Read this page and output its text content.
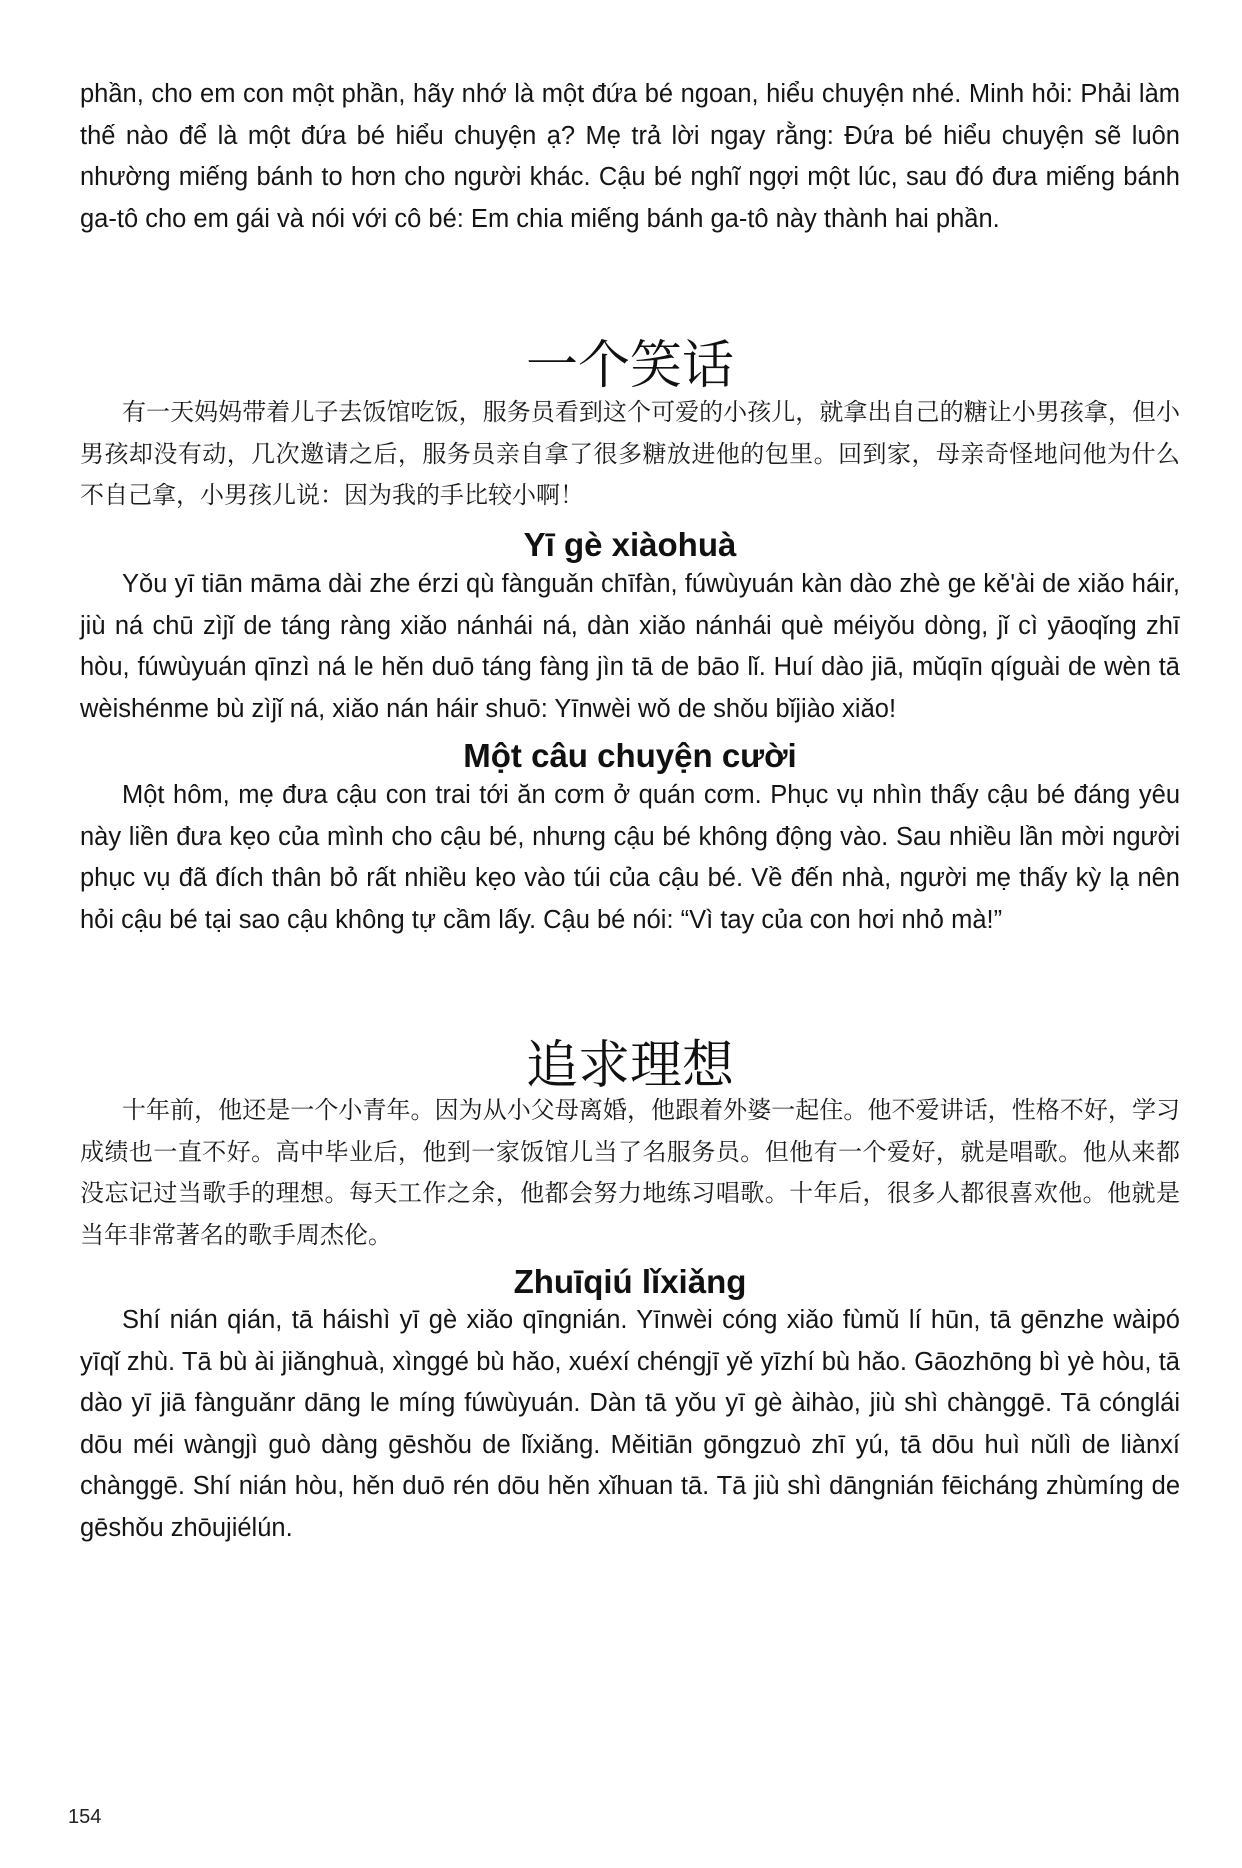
phần, cho em con một phần, hãy nhớ là một đứa bé ngoan, hiểu chuyện nhé. Minh hỏi: Phải làm thế nào để là một đứa bé hiểu chuyện ạ? Mẹ trả lời ngay rằng: Đứa bé hiểu chuyện sẽ luôn nhường miếng bánh to hơn cho người khác. Cậu bé nghĩ ngợi một lúc, sau đó đưa miếng bánh ga-tô cho em gái và nói với cô bé: Em chia miếng bánh ga-tô này thành hai phần.

一个笑话

有一天妈妈带着儿子去饭馆吃饭，服务员看到这个可爱的小孩儿，就拿出自己的糖让小男孩拿，但小男孩却没有动，几次邀请之后，服务员亲自拿了很多糖放进他的包里。回到家，母亲奇怪地问他为什么不自己拿，小男孩儿说：因为我的手比较小啊！

Yī gè xiàohuà

Yǒu yī tiān māma dài zhe érzi qù fànguǎn chīfàn, fúwùyuán kàn dào zhè ge kě'ài de xiǎo háir, jiù ná chū zìjǐ de táng ràng xiǎo nánhái ná, dàn xiǎo nánhái què méiyǒu dòng, jǐ cì yāoqǐng zhī hòu, fúwùyuán qīnzì ná le hěn duō táng fàng jìn tā de bāo lǐ. Huí dào jiā, mǔqīn qíguài de wèn tā wèishénme bù zìjǐ ná, xiǎo nán háir shuō: Yīnwèi wǒ de shǒu bǐjiào xiǎo!

Một câu chuyện cười

Một hôm, mẹ đưa cậu con trai tới ăn cơm ở quán cơm. Phục vụ nhìn thấy cậu bé đáng yêu này liền đưa kẹo của mình cho cậu bé, nhưng cậu bé không động vào. Sau nhiều lần mời người phục vụ đã đích thân bỏ rất nhiều kẹo vào túi của cậu bé. Về đến nhà, người mẹ thấy kỳ lạ nên hỏi cậu bé tại sao cậu không tự cầm lấy. Cậu bé nói: “Vì tay của con hơi nhỏ mà!”

追求理想

十年前，他还是一个小青年。因为从小父母离婚，他跟着外婆一起住。他不爱讲话，性格不好，学习成绩也一直不好。高中毕业后，他到一家饭馆儿当了名服务员。但他有一个爱好，就是唱歌。他从来都没忘记过当歌手的理想。每天工作之余，他都会努力地练习唱歌。十年后，很多人都很喜欢他。他就是当年非常著名的歌手周杰伦。

Zhuīqiú lǐxiǎng

Shí nián qián, tā háishì yī gè xiǎo qīngnián. Yīnwèi cóng xiǎo fùmǔ lí hūn, tā gēnzhe wàipó yīqǐ zhù. Tā bù ài jiǎnghuà, xìnggé bù hǎo, xuéxí chéngjī yě yīzhí bù hǎo. Gāozhōng bì yè hòu, tā dào yī jiā fànguǎnr dāng le míng fúwùyuán. Dàn tā yǒu yī gè àihào, jiù shì chànggē. Tā cónglái dōu méi wàngjì guò dàng gēshǒu de lǐxiǎng. Měitiān gōngzuò zhī yú, tā dōu huì nǔlì de liànxí chànggē. Shí nián hòu, hěn duō rén dōu hěn xǐhuan tā. Tā jiù shì dāngnián fēicháng zhùmíng de gēshǒu zhōujiélún.

154
